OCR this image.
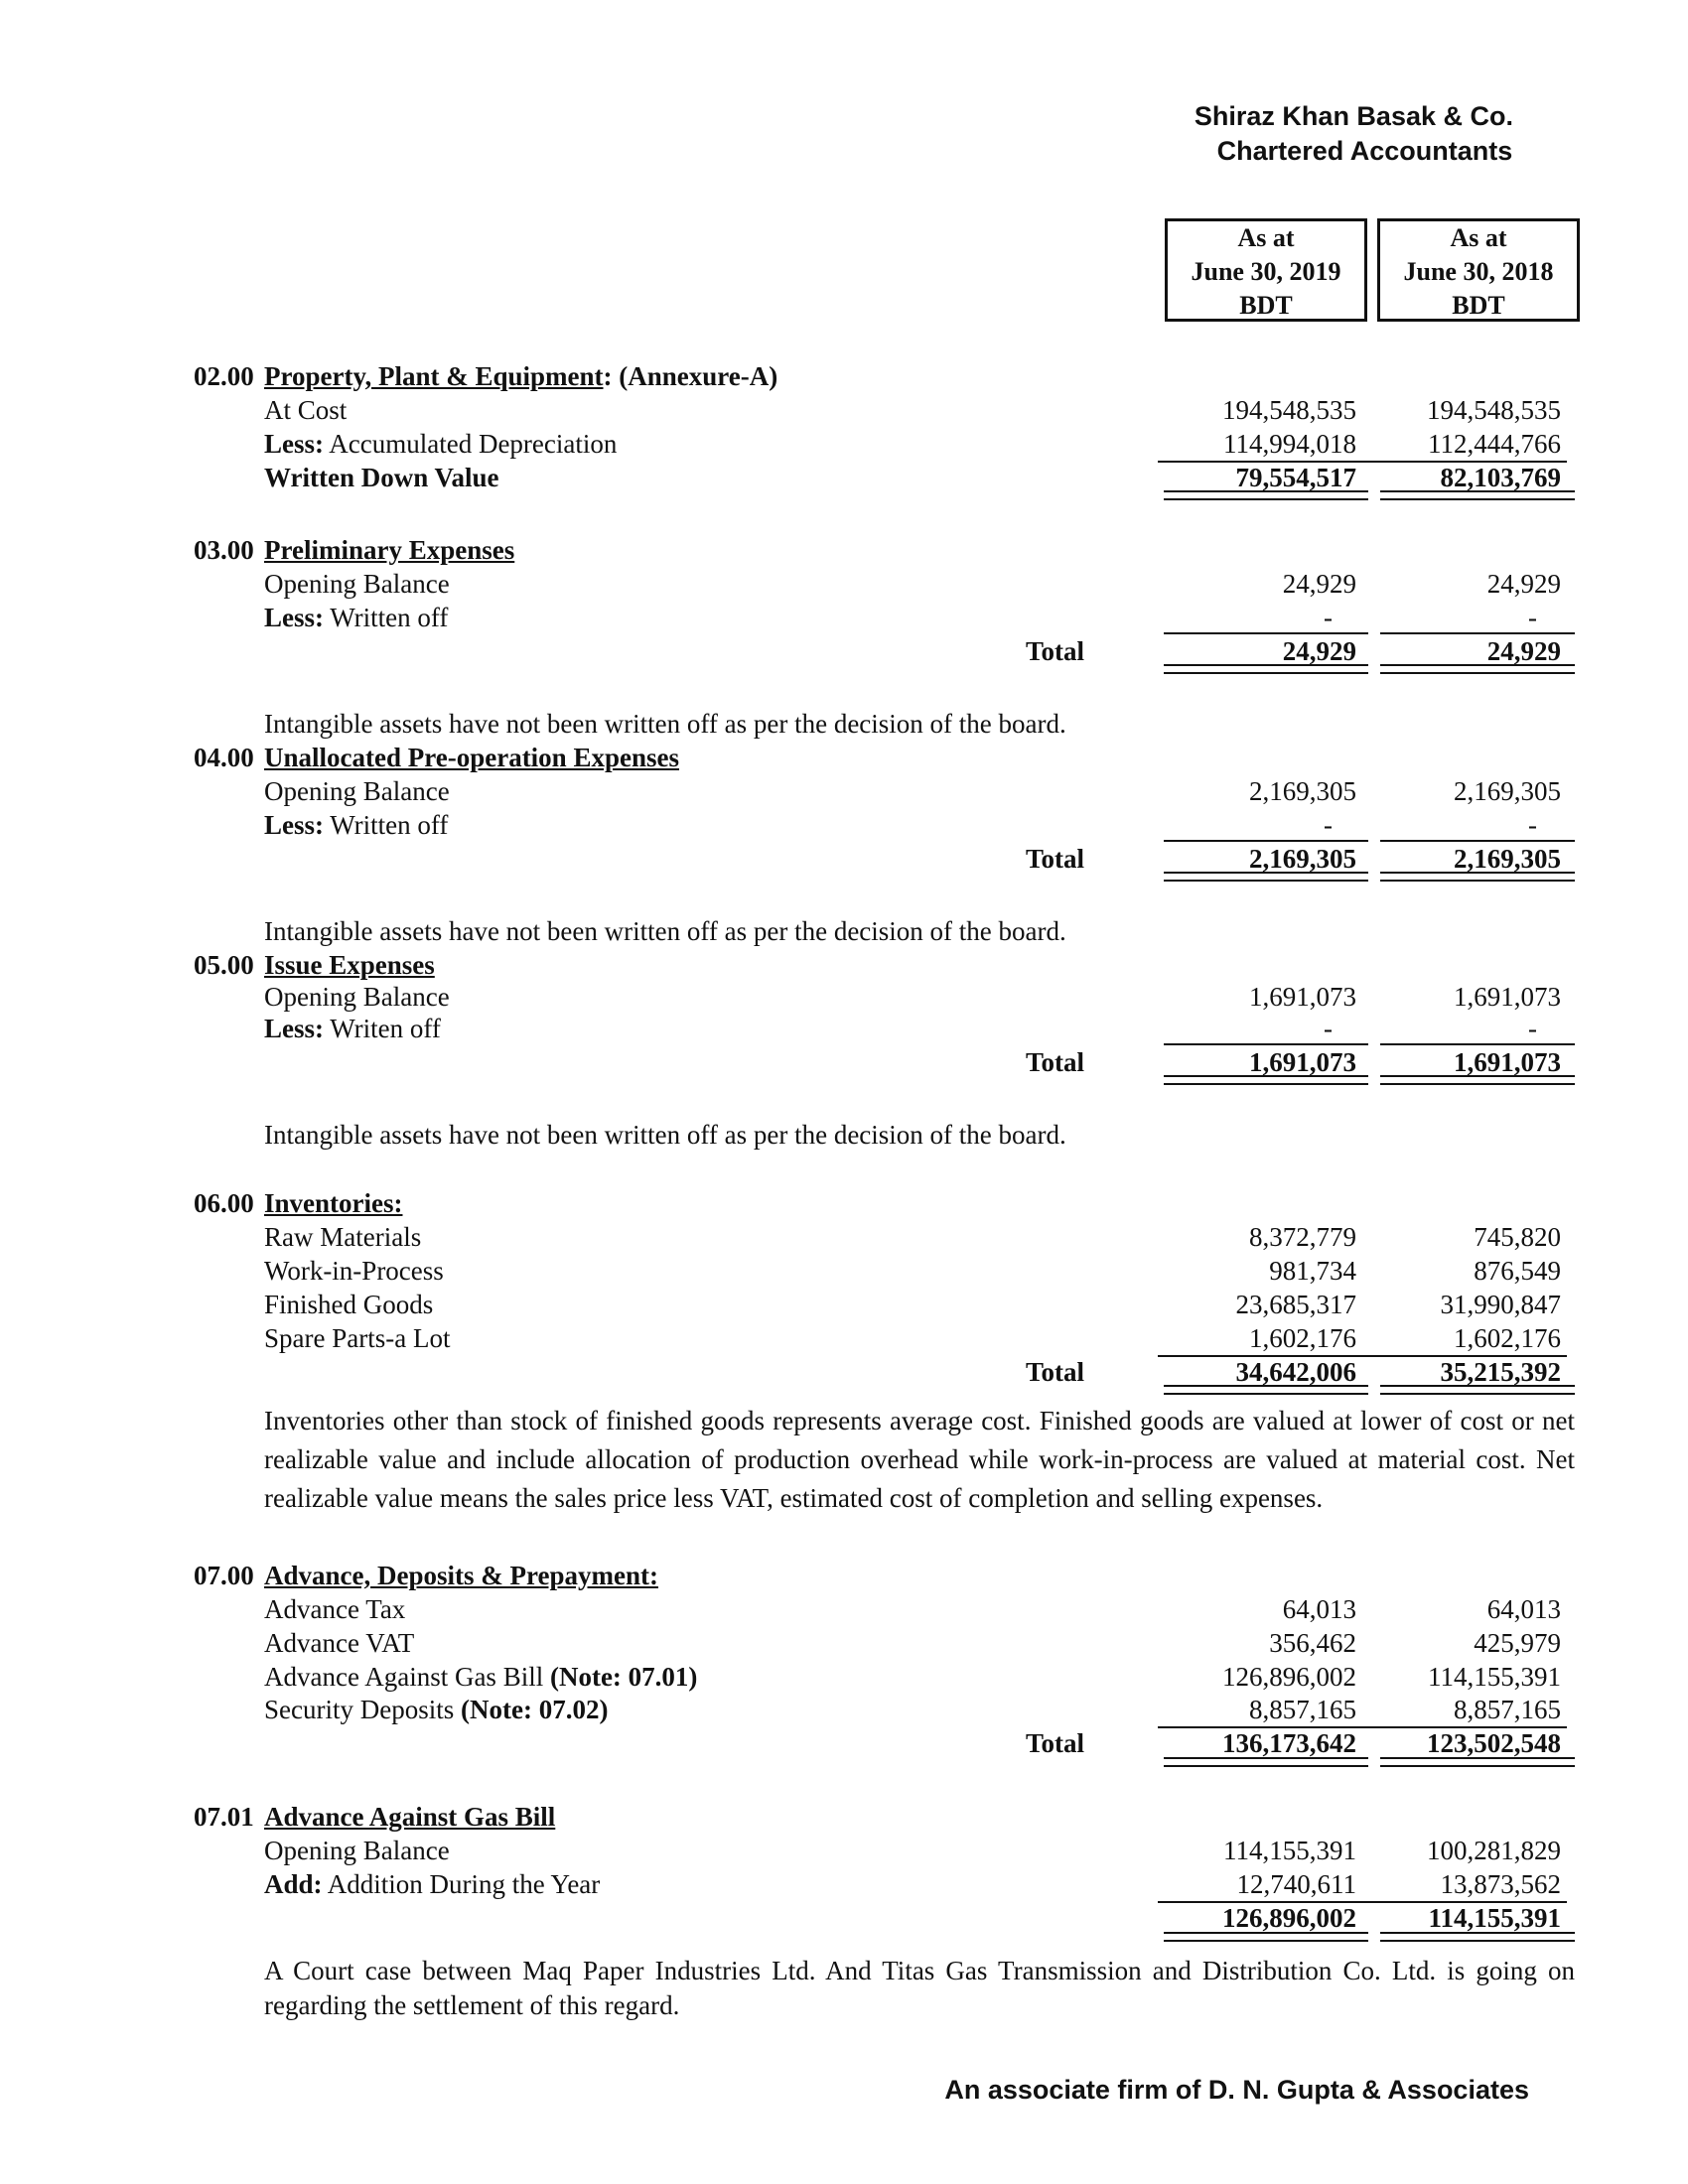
Shiraz Khan Basak & Co.
Chartered Accountants
As at
June 30, 2019
BDT
As at
June 30, 2018
BDT
02.00 Property, Plant & Equipment: (Annexure-A)
At Cost	194,548,535	194,548,535
Less: Accumulated Depreciation	114,994,018	112,444,766
Written Down Value	79,554,517	82,103,769
03.00 Preliminary Expenses
Opening Balance	24,929	24,929
Less: Written off	-	-
Total	24,929	24,929
Intangible assets have not been written off as per the decision of the board.
04.00 Unallocated Pre-operation Expenses
Opening Balance	2,169,305	2,169,305
Less: Written off	-	-
Total	2,169,305	2,169,305
Intangible assets have not been written off as per the decision of the board.
05.00 Issue Expenses
Opening Balance	1,691,073	1,691,073
Less: Writen off	-	-
Total	1,691,073	1,691,073
Intangible assets have not been written off as per the decision of the board.
06.00 Inventories:
Raw Materials	8,372,779	745,820
Work-in-Process	981,734	876,549
Finished Goods	23,685,317	31,990,847
Spare Parts-a Lot	1,602,176	1,602,176
Total	34,642,006	35,215,392
Inventories other than stock of finished goods represents average cost. Finished goods are valued at lower of cost or net realizable value and include allocation of production overhead while work-in-process are valued at material cost. Net realizable value means the sales price less VAT, estimated cost of completion and selling expenses.
07.00 Advance, Deposits & Prepayment:
Advance Tax	64,013	64,013
Advance VAT	356,462	425,979
Advance Against Gas Bill (Note: 07.01)	126,896,002	114,155,391
Security Deposits (Note: 07.02)	8,857,165	8,857,165
Total	136,173,642	123,502,548
07.01 Advance Against Gas Bill
Opening Balance	114,155,391	100,281,829
Add: Addition During the Year	12,740,611	13,873,562
126,896,002	114,155,391
A Court case between Maq Paper Industries Ltd. And Titas Gas Transmission and Distribution Co. Ltd. is going on regarding the settlement of this regard.
An associate firm of D. N. Gupta & Associates
